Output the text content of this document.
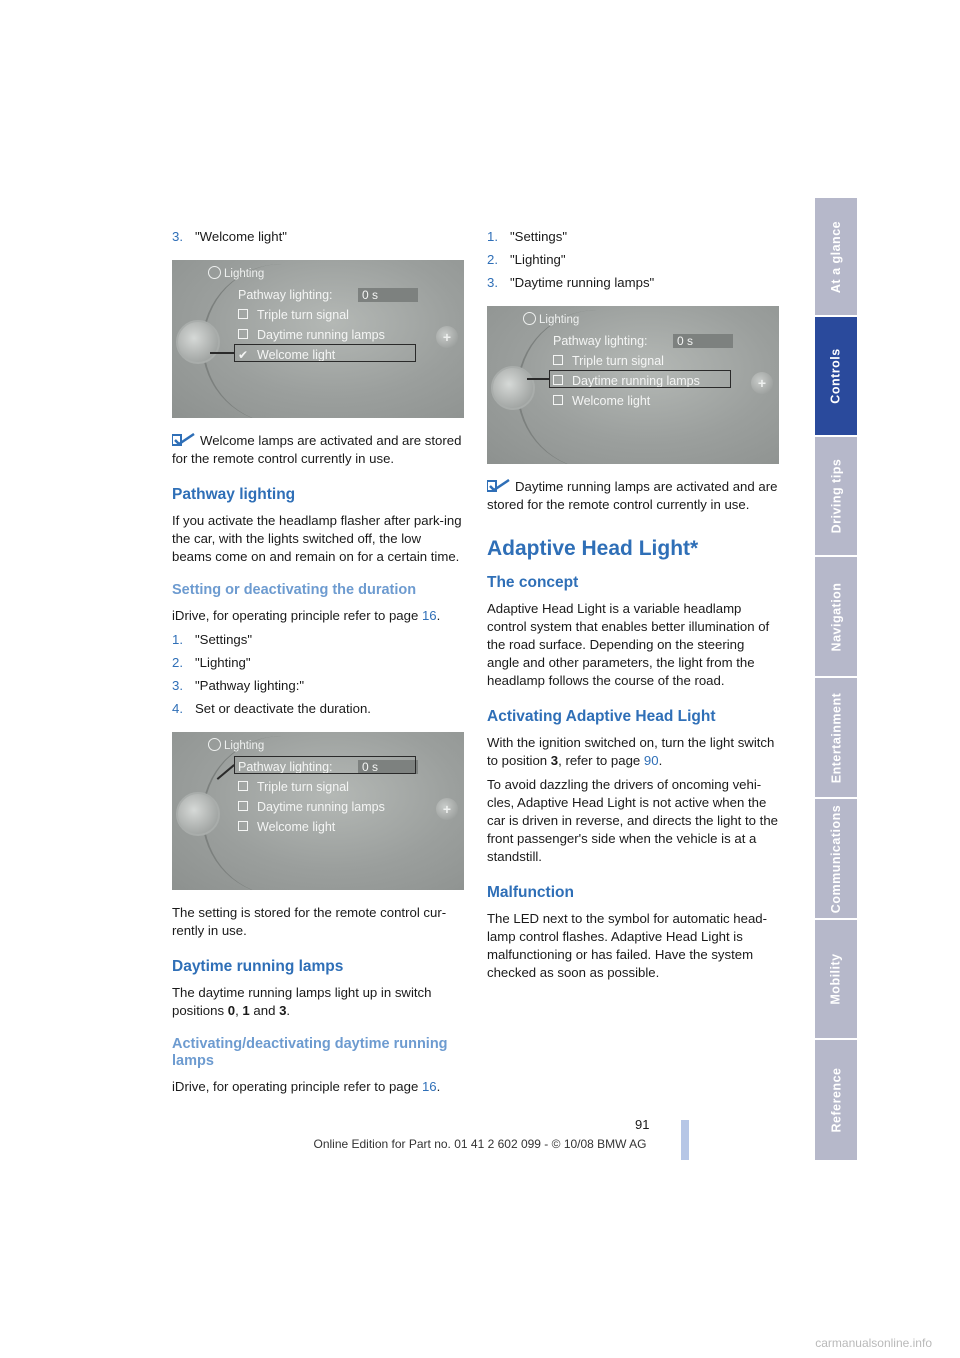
3. "Welcome light"
+
Lighting
Pathway lighting:	0 s
Triple turn signal
Daytime running lamps
✔ Welcome light

Welcome lamps are activated and are stored for the remote control currently in use.

Pathway lighting

If you activate the headlamp flasher after park-ing the car, with the lights switched off, the low beams come on and remain on for a certain time.

Setting or deactivating the duration

iDrive, for operating principle refer to page 16.

1. "Settings"
2. "Lighting"
3. "Pathway lighting:"
4. Set or deactivate the duration.
+
Lighting
Pathway lighting:	0 s
Triple turn signal
Daytime running lamps
Welcome light

The setting is stored for the remote control cur-rently in use.

Daytime running lamps

The daytime running lamps light up in switch positions 0, 1 and 3.

Activating/deactivating daytime running lamps

iDrive, for operating principle refer to page 16.

1. "Settings"
2. "Lighting"
3. "Daytime running lamps"
+
Lighting
Pathway lighting:	0 s
Triple turn signal
Daytime running lamps
Welcome light

Daytime running lamps are activated and are stored for the remote control currently in use.

Adaptive Head Light*
The concept

Adaptive Head Light is a variable headlamp control system that enables better illumination of the road surface. Depending on the steering angle and other parameters, the light from the headlamp follows the course of the road.

Activating Adaptive Head Light

With the ignition switched on, turn the light switch to position 3, refer to page 90.

To avoid dazzling the drivers of oncoming vehi-cles, Adaptive Head Light is not active when the car is driven in reverse, and directs the light to the front passenger's side when the vehicle is at a standstill.

Malfunction

The LED next to the symbol for automatic head-lamp control flashes. Adaptive Head Light is malfunctioning or has failed. Have the system checked as soon as possible.

At a glance
Controls
Driving tips
Navigation
Entertainment
Communications
Mobility
Reference
91
Online Edition for Part no. 01 41 2 602 099 - © 10/08 BMW AG
carmanualsonline.info
